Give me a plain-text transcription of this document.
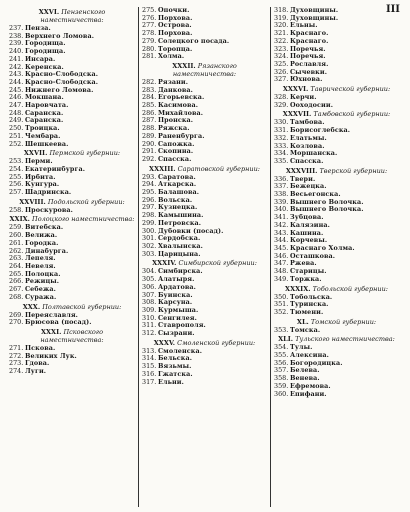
III
XXVI. Пензенского наместничества:
237. Пенза.
238. Верхнего Ломова.
239. Городища.
240. Городища.
241. Инсара.
242. Керенска.
243. Красно-Слободска.
244. Красно-Слободска.
245. Нижнего Ломова.
246. Мокшана.
247. Наровчата.
248. Саранска.
249. Саранска.
250. Троицка.
251. Чембара.
252. Шешкеева.
XXVII. Пермской губернии:
253. Перми.
254. Екатеринбурга.
255. Ирбита.
256. Кунгура.
257. Шадринска.
XXVIII. Подольской губернии:
258. Проскурова.
XXIX. Полоцкого наместничества:
259. Витебска.
260. Велижа.
261. Городка.
262. Динабурга.
263. Лепеля.
264. Невеля.
265. Полоцка.
266. Режицы.
267. Себежа.
268. Суража.
XXX. Полтавской губернии:
269. Переяславля.
270. Брюсова (посад).
XXXI. Псковского наместничества:
271. Пскова.
272. Великих Лук.
273. Гдова.
274. Луги.
275. Опочки.
276. Порхова.
277. Острова.
278. Порхова.
279. Солецкого посада.
280. Торопца.
281. Холма.
XXXII. Рязанского наместничества:
282. Рязани.
283. Данкова.
284. Егорьевска.
285. Касимова.
286. Михайлова.
287. Пронска.
288. Ряжска.
289. Раненбурга.
290. Сапожка.
291. Скопина.
292. Спасска.
XXXIII. Саратовской губернии:
293. Саратова.
294. Аткарска.
295. Балашова.
296. Вольска.
297. Кузнецка.
298. Камышина.
299. Петровска.
300. Дубовки (посад).
301. Сердобска.
302. Хвалынска.
303. Царицына.
XXXIV. Симбирской губернии:
304. Симбирска.
305. Алатыря.
306. Ардатова.
307. Буинска.
308. Карсуна.
309. Курмыша.
310. Сенгилея.
311. Ставрополя.
312. Сызрани.
XXXV. Смоленской губернии:
313. Смоленска.
314. Бельска.
315. Вязьмы.
316. Гжатска.
317. Ельни.
318. Духовщины.
319. Духовщины.
320. Ельны.
321. Краснаго.
322. Краснаго.
323. Поречья.
324. Поречья.
325. Рославля.
326. Сычевки.
327. Юхнова.
XXXVI. Таврической губернии:
328. Керчи.
329. Ооходосии.
XXXVII. Тамбовской губернии:
330. Тамбова.
331. Борисоглебска.
332. Елатьмы.
333. Козлова.
334. Моршанска.
335. Спасска.
XXXVIII. Тверской губернии:
336. Твери.
337. Бежецка.
338. Весьегонска.
339. Вышнего Волочка.
340. Вышнего Волочка.
341. Зубцова.
342. Калязина.
343. Кашина.
344. Корчевы.
345. Краснаго Холма.
346. Осташкова.
347. Ржева.
348. Старицы.
349. Торжка.
XXXIX. Тобольской губернии:
350. Тобольска.
351. Туринска.
352. Тюмени.
XL. Томской губернии:
353. Томска.
XLI. Тульского наместничества:
354. Тулы.
355. Алексина.
356. Богородицка.
357. Белева.
358. Венева.
359. Ефремова.
360. Епифани.
